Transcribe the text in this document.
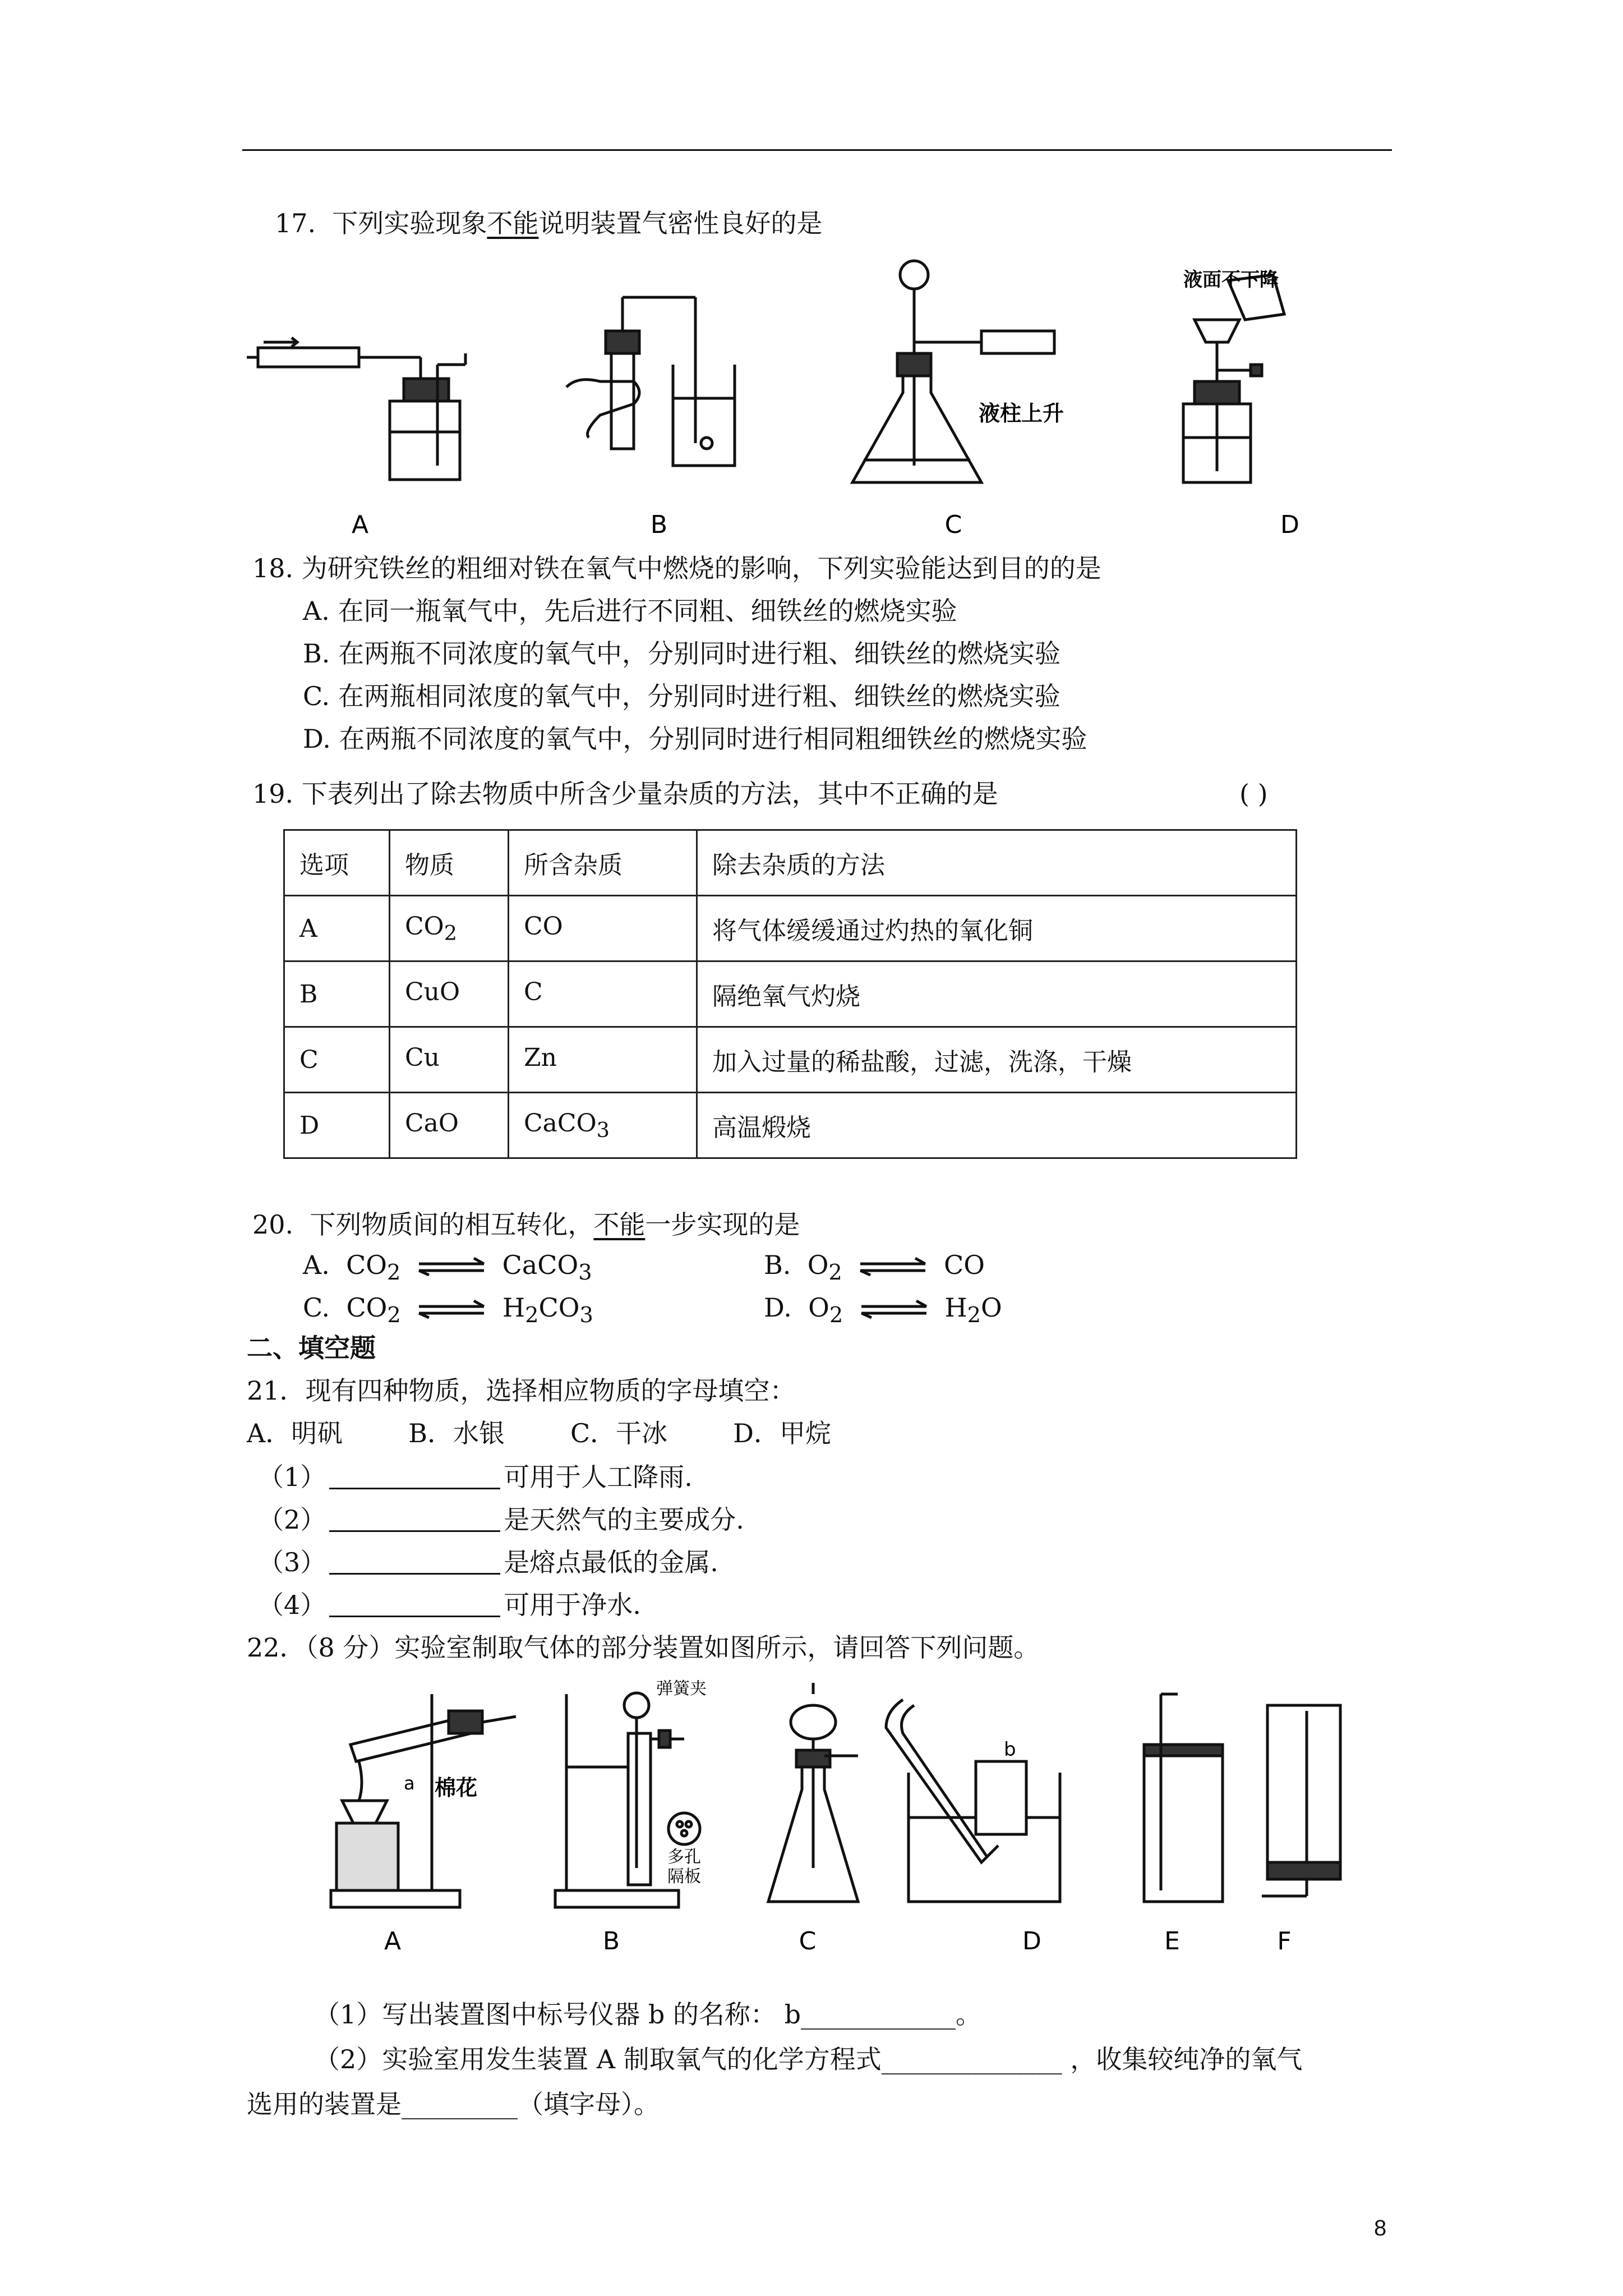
17. 下列实验现象不能说明装置气密性良好的是
A	B	C	D
液柱上升
液面不下降
18. 为研究铁丝的粗细对铁在氧气中燃烧的影响，下列实验能达到目的的是
A. 在同一瓶氧气中，先后进行不同粗、细铁丝的燃烧实验
B. 在两瓶不同浓度的氧气中，分别同时进行粗、细铁丝的燃烧实验
C. 在两瓶相同浓度的氧气中，分别同时进行粗、细铁丝的燃烧实验
D. 在两瓶不同浓度的氧气中，分别同时进行相同粗细铁丝的燃烧实验
19. 下表列出了除去物质中所含少量杂质的方法，其中不正确的是	( )
选项	物质	所含杂质	除去杂质的方法
A	$CO_2$	CO	将气体缓缓通过灼热的氧化铜
B	CuO	C	隔绝氧气灼烧
C	Cu	Zn	加入过量的稀盐酸，过滤，洗涤，干燥
D	CaO	CaCO$_3$	高温煅烧
20. 下列物质间的相互转化，不能一步实现的是
A. $CO_2$ ⇌ CaCO$_3$	B. $O_2$ ⇌ CO
C. $CO_2$ ⇌ $H_2CO_3$	D. $O_2$ ⇌ $H_2O$
二、填空题
21．现有四种物质，选择相应物质的字母填空：
A．明矾        B．水银        C．干冰        D．甲烷
（1）	可用于人工降雨.
（2）	是天然气的主要成分.
（3）	是熔点最低的金属.
（4）	可用于净水.
22．（8 分）实验室制取气体的部分装置如图所示，请回答下列问题。
A	B	C	D	E	F
棉花
a
b
弹簧夹
多孔
隔板
（1）写出装置图中标号仪器 b 的名称： b____________。
（2）实验室用发生装置 A 制取氧气的化学方程式______________ ，收集较纯净的氧气
选用的装置是_________（填字母）。
8
